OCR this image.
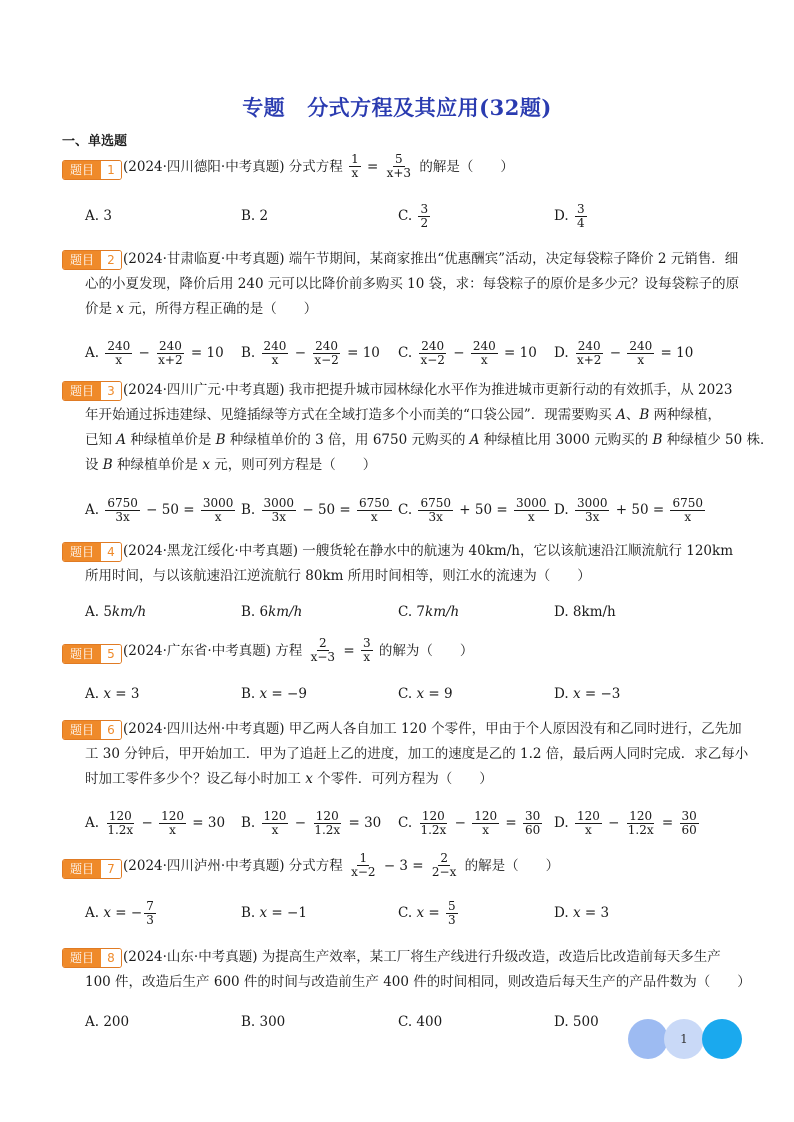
专题 分式方程及其应用(32题)
一、单选题
题目	1 (2024·四川德阳·中考真题) 分式方程 $\frac{1}{x} = \frac{5}{x+3}$ 的解是（　　）
A. 3	B. 2	C. $\frac{3}{2}$	D. $\frac{3}{4}$
题目	2 (2024·甘肃临夏·中考真题) 端午节期间，某商家推出“优惠酬宾”活动，决定每袋粽子降价 2 元销售．细
心的小夏发现，降价后用 240 元可以比降价前多购买 10 袋，求：每袋粽子的原价是多少元？设每袋粽子的原
价是 x 元，所得方程正确的是（　　）
A. $\frac{240}{x} - \frac{240}{x+2} = 10$ B. $\frac{240}{x} - \frac{240}{x-2} = 10$ C. $\frac{240}{x-2} - \frac{240}{x} = 10$ D. $\frac{240}{x+2} - \frac{240}{x} = 10$
题目	3 (2024·四川广元·中考真题) 我市把提升城市园林绿化水平作为推进城市更新行动的有效抓手，从 2023
年开始通过拆违建绿、见缝插绿等方式在全域打造多个小而美的“口袋公园”．现需要购买 A、B 两种绿植，
已知 A 种绿植单价是 B 种绿植单价的 3 倍，用 6750 元购买的 A 种绿植比用 3000 元购买的 B 种绿植少 50 株．
设 B 种绿植单价是 x 元，则可列方程是（　　）
A. $\frac{6750}{3x} - 50 = \frac{3000}{x} B$. $\frac{3000}{3x} - 50 = \frac{6750}{x} C$. $\frac{6750}{3x} + 50 = \frac{3000}{x} D$. $\frac{3000}{3x} + 50 = \frac{6750}{x}$
题目	4 (2024·黑龙江绥化·中考真题) 一艘货轮在静水中的航速为 40km/h，它以该航速沿江顺流航行 120km
所用时间，与以该航速沿江逆流航行 80km 所用时间相等，则江水的流速为（　　）
A. 5 km/h	B. 6 km/h	C. 7 km/h	D. 8km/h
题目	5 (2024·广东省·中考真题) 方程 $\frac{2}{x-3} = \frac{3}{x}$ 的解为（　　）
A. x = 3	B. x = −9	C. x = 9	D. x = −3
题目	6 (2024·四川达州·中考真题) 甲乙两人各自加工 120 个零件，甲由于个人原因没有和乙同时进行，乙先加
工 30 分钟后，甲开始加工．甲为了追赶上乙的进度，加工的速度是乙的 1.2 倍，最后两人同时完成．求乙每小
时加工零件多少个？设乙每小时加工 x 个零件．可列方程为（　　）
A. $\frac{120}{1.2x} - \frac{120}{x} = 30$ B. $\frac{120}{x} - \frac{120}{1.2x} = 30$ C. $\frac{120}{1.2x} - \frac{120}{x} = \frac{30}{60} D$. $\frac{120}{x} - \frac{120}{1.2x} = \frac{30}{60}$
题目	7 (2024·四川泸州·中考真题) 分式方程 $\frac{1}{x-2} - 3 = \frac{2}{2-x}$ 的解是（　　）
A. x = − $\frac{7}{3}$	B. x = −1	C. $x = \frac{5}{3}$	D. x = 3
题目	8 (2024·山东·中考真题) 为提高生产效率，某工厂将生产线进行升级改造，改造后比改造前每天多生产
100 件，改造后生产 600 件的时间与改造前生产 400 件的时间相同，则改造后每天生产的产品件数为（　　）
A. 200	B. 300	C. 400	D. 500
1
